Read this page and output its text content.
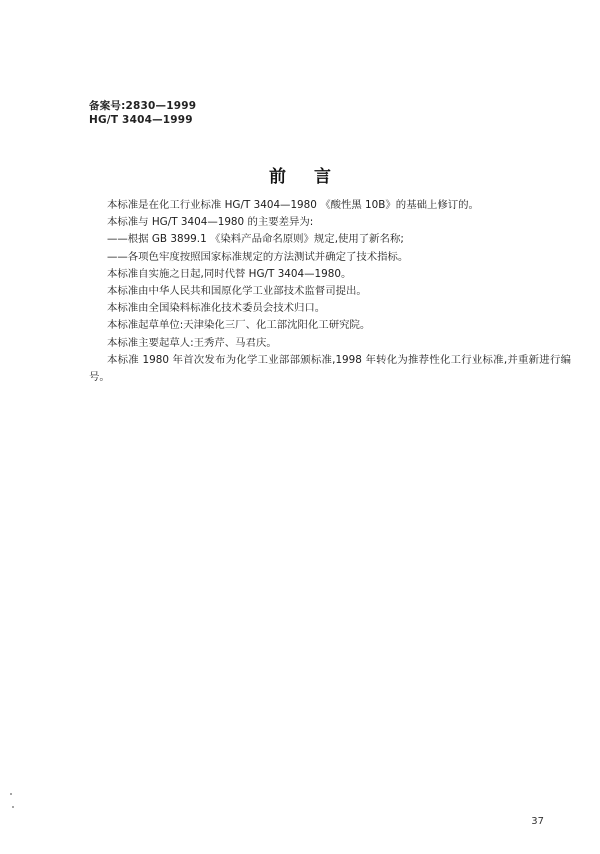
备案号:2830—1999
HG/T 3404—1999
前言

本标准是在化工行业标准 HG/T 3404—1980 《酸性黑 10B》的基础上修订的。

本标准与 HG/T 3404—1980 的主要差异为:

——根据 GB 3899.1 《染料产品命名原则》规定,使用了新名称;

——各项色牢度按照国家标准规定的方法测试并确定了技术指标。

本标准自实施之日起,同时代替 HG/T 3404—1980。

本标准由中华人民共和国原化学工业部技术监督司提出。

本标准由全国染料标准化技术委员会技术归口。

本标准起草单位:天津染化三厂、化工部沈阳化工研究院。

本标准主要起草人:王秀芹、马君庆。

本标准 1980 年首次发布为化学工业部部颁标准,1998 年转化为推荐性化工行业标准,并重新进行编号。

37
